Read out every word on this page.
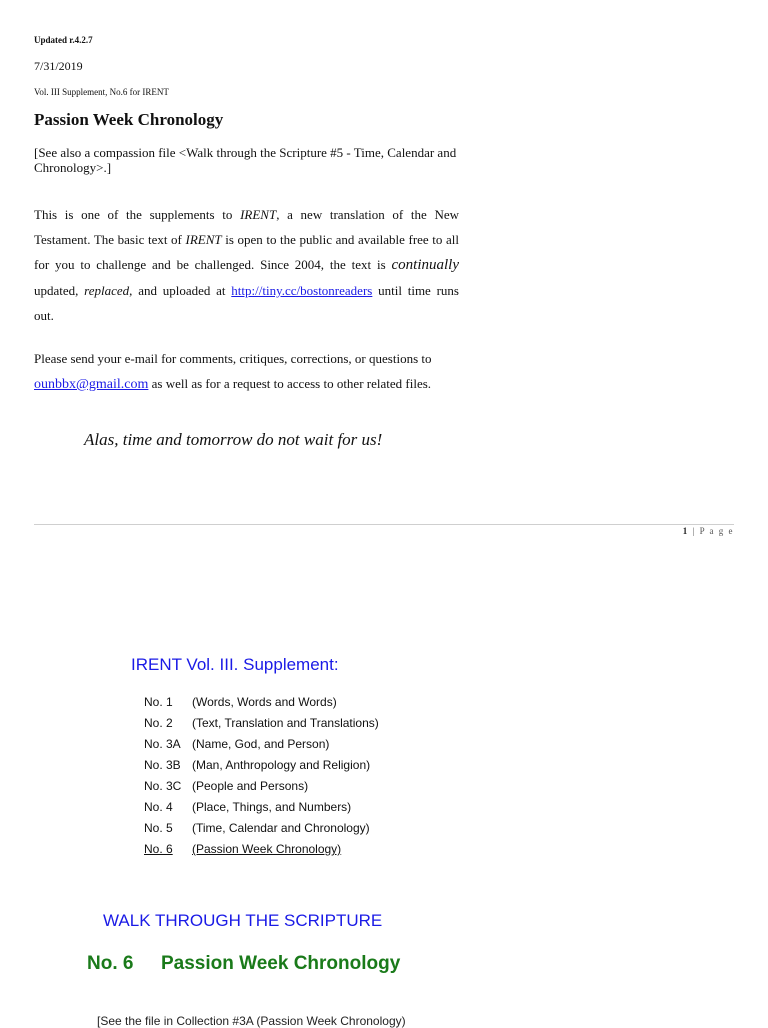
Updated r.4.2.7
7/31/2019
Vol. III Supplement, No.6 for IRENT
Passion Week Chronology
[See also a compassion file <Walk through the Scripture #5 - Time, Calendar and Chronology>.]
This is one of the supplements to IRENT, a new translation of the New Testament. The basic text of IRENT is open to the public and available free to all for you to challenge and be challenged. Since 2004, the text is continually updated, replaced, and uploaded at http://tiny.cc/bostonreaders until time runs out.
Please send your e-mail for comments, critiques, corrections, or questions to ounbbx@gmail.com as well as for a request to access to other related files.
Alas, time and tomorrow do not wait for us!
1 | P a g e
IRENT Vol. III. Supplement:
No. 1	(Words, Words and Words)
No. 2	(Text, Translation and Translations)
No. 3A (Name, God, and Person)
No. 3B (Man, Anthropology and Religion)
No. 3C (People and Persons)
No. 4	(Place, Things, and Numbers)
No. 5	(Time, Calendar and Chronology)
No. 6	(Passion Week Chronology)
WALK THROUGH THE SCRIPTURE
No. 6	Passion Week Chronology
[See the file in Collection #3A (Passion Week Chronology)
